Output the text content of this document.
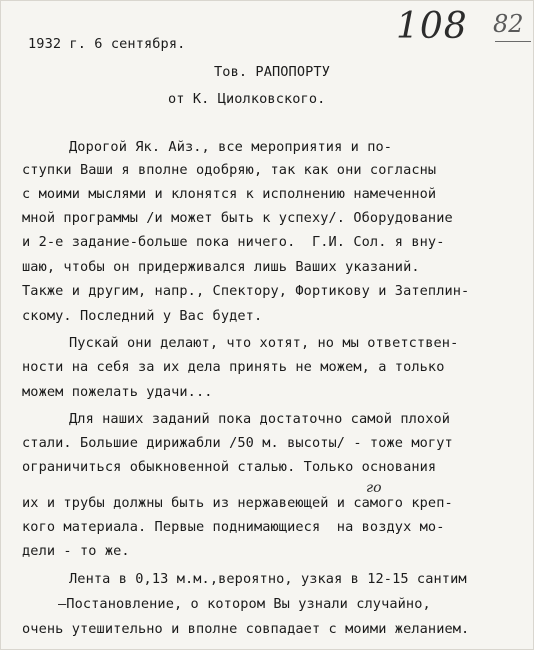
108 82
1932 г. 6 сентября.
Тов. РАПОПОРТУ
от К. Циолковского.
Дорогой Як. Айз., все мероприятия и по-
ступки Ваши я вполне одобряю, так как они согласны
с моими мыслями и клонятся к исполнению намеченной
мной программы /и может быть к успеху/. Оборудование
и 2-е задание-больше пока ничего.  Г.И. Сол. я вну-
шаю, чтобы он придерживался лишь Ваших указаний.
Также и другим, напр., Спектору, Фортикову и Затеплин-
скому. Последний у Вас будет.
Пускай они делают, что хотят, но мы ответствен-
ности на себя за их дела принять не можем, а только
можем пожелать удачи...
Для наших заданий пока достаточно самой плохой
стали. Большие дирижабли /50 м. высоты/ - тоже могут
ограничиться обыкновенной сталью. Только основания
го
их и трубы должны быть из нержавеющей и самого креп-
кого материала. Первые поднимающиеся  на воздух мо-
дели - то же.
Лента в 0,13 м.м.,вероятно, узкая в 12-15 сантим
—Постановление, о котором Вы узнали случайно,
очень утешительно и вполне совпадает с моими желанием.
